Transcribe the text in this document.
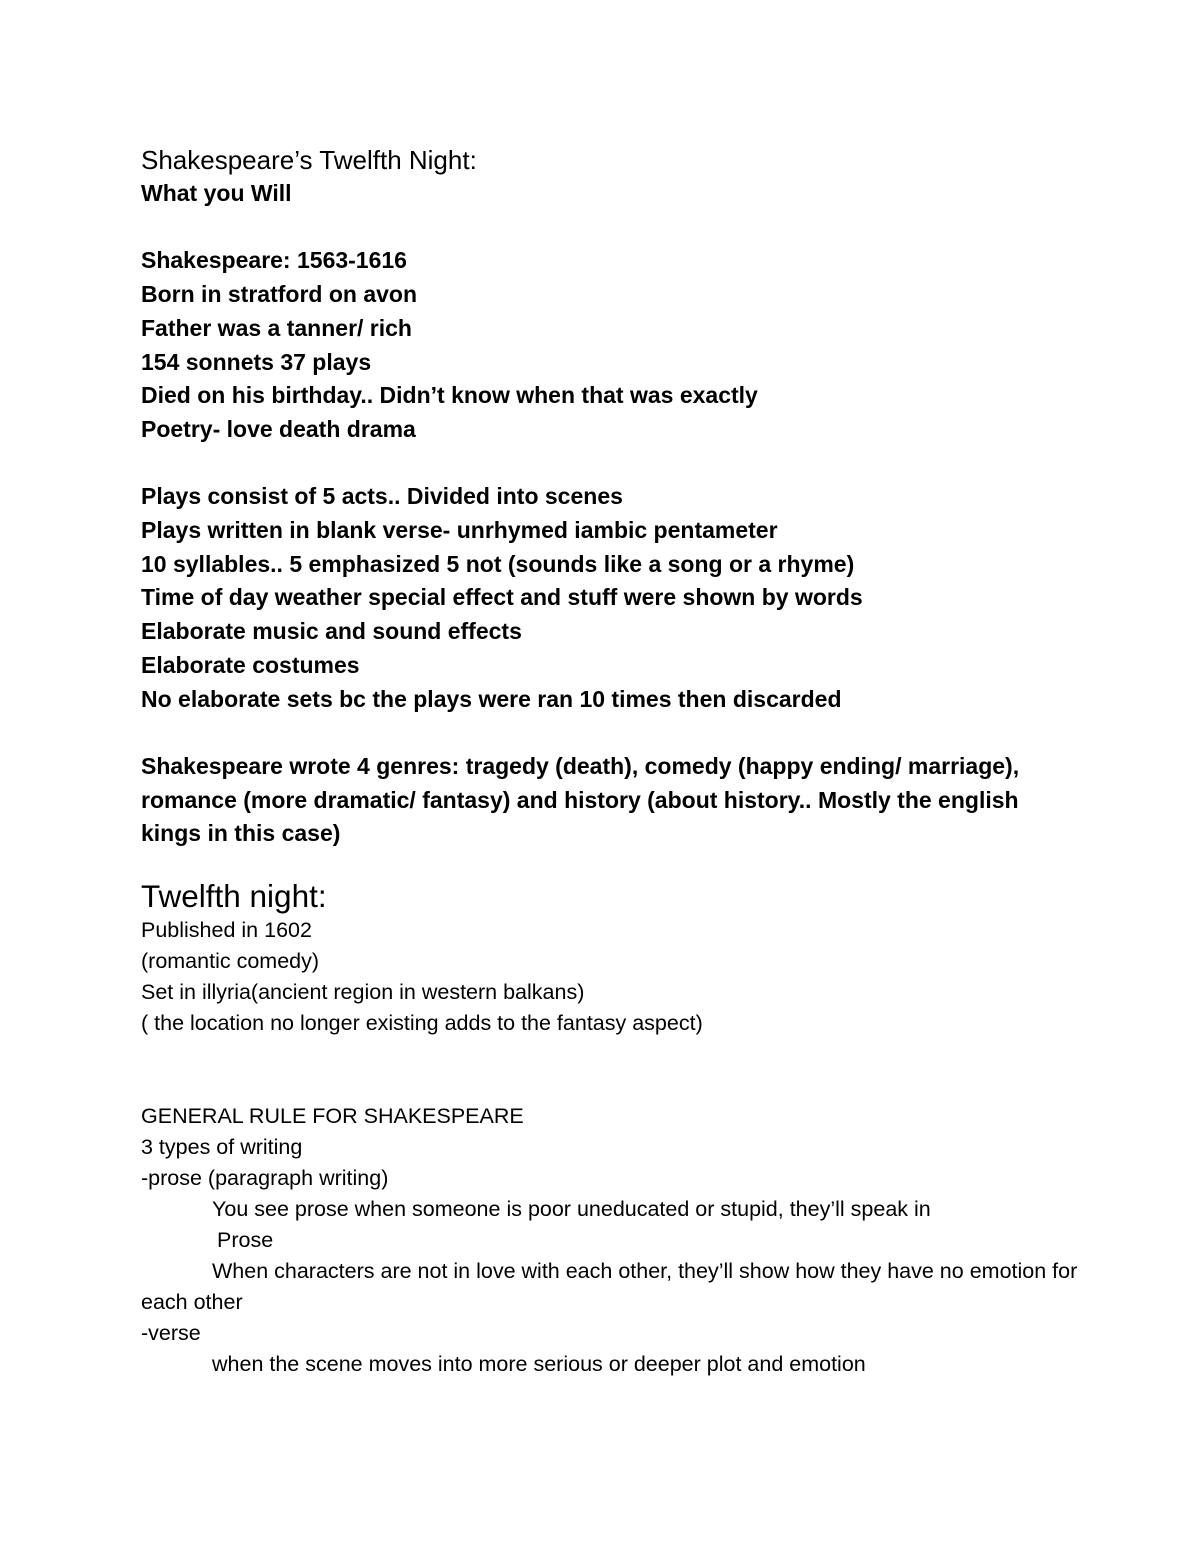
Shakespeare’s Twelfth Night:

What you Will

Shakespeare: 1563-1616

Born in stratford on avon

Father was a tanner/ rich

154 sonnets 37 plays

Died on his birthday.. Didn’t know when that was exactly

Poetry- love death drama

Plays consist of 5 acts.. Divided into scenes

Plays written in blank verse- unrhymed iambic pentameter

10 syllables.. 5 emphasized 5 not (sounds like a song or a rhyme)

Time of day weather special effect and stuff were shown by words

Elaborate music and sound effects

Elaborate costumes

No elaborate sets bc the plays were ran 10 times then discarded

Shakespeare wrote 4 genres: tragedy (death), comedy (happy ending/ marriage), romance (more dramatic/ fantasy) and history (about history.. Mostly the english kings in this case)

Twelfth night:

Published in 1602

(romantic comedy)

Set in illyria(ancient region in western balkans)

( the location no longer existing adds to the fantasy aspect)

GENERAL RULE FOR SHAKESPEARE

3 types of writing

-prose (paragraph writing)

You see prose when someone is poor uneducated or stupid, they’ll speak in

Prose

When characters are not in love with each other, they’ll show how they have no emotion for each other

-verse

when the scene moves into more serious or deeper plot and emotion
